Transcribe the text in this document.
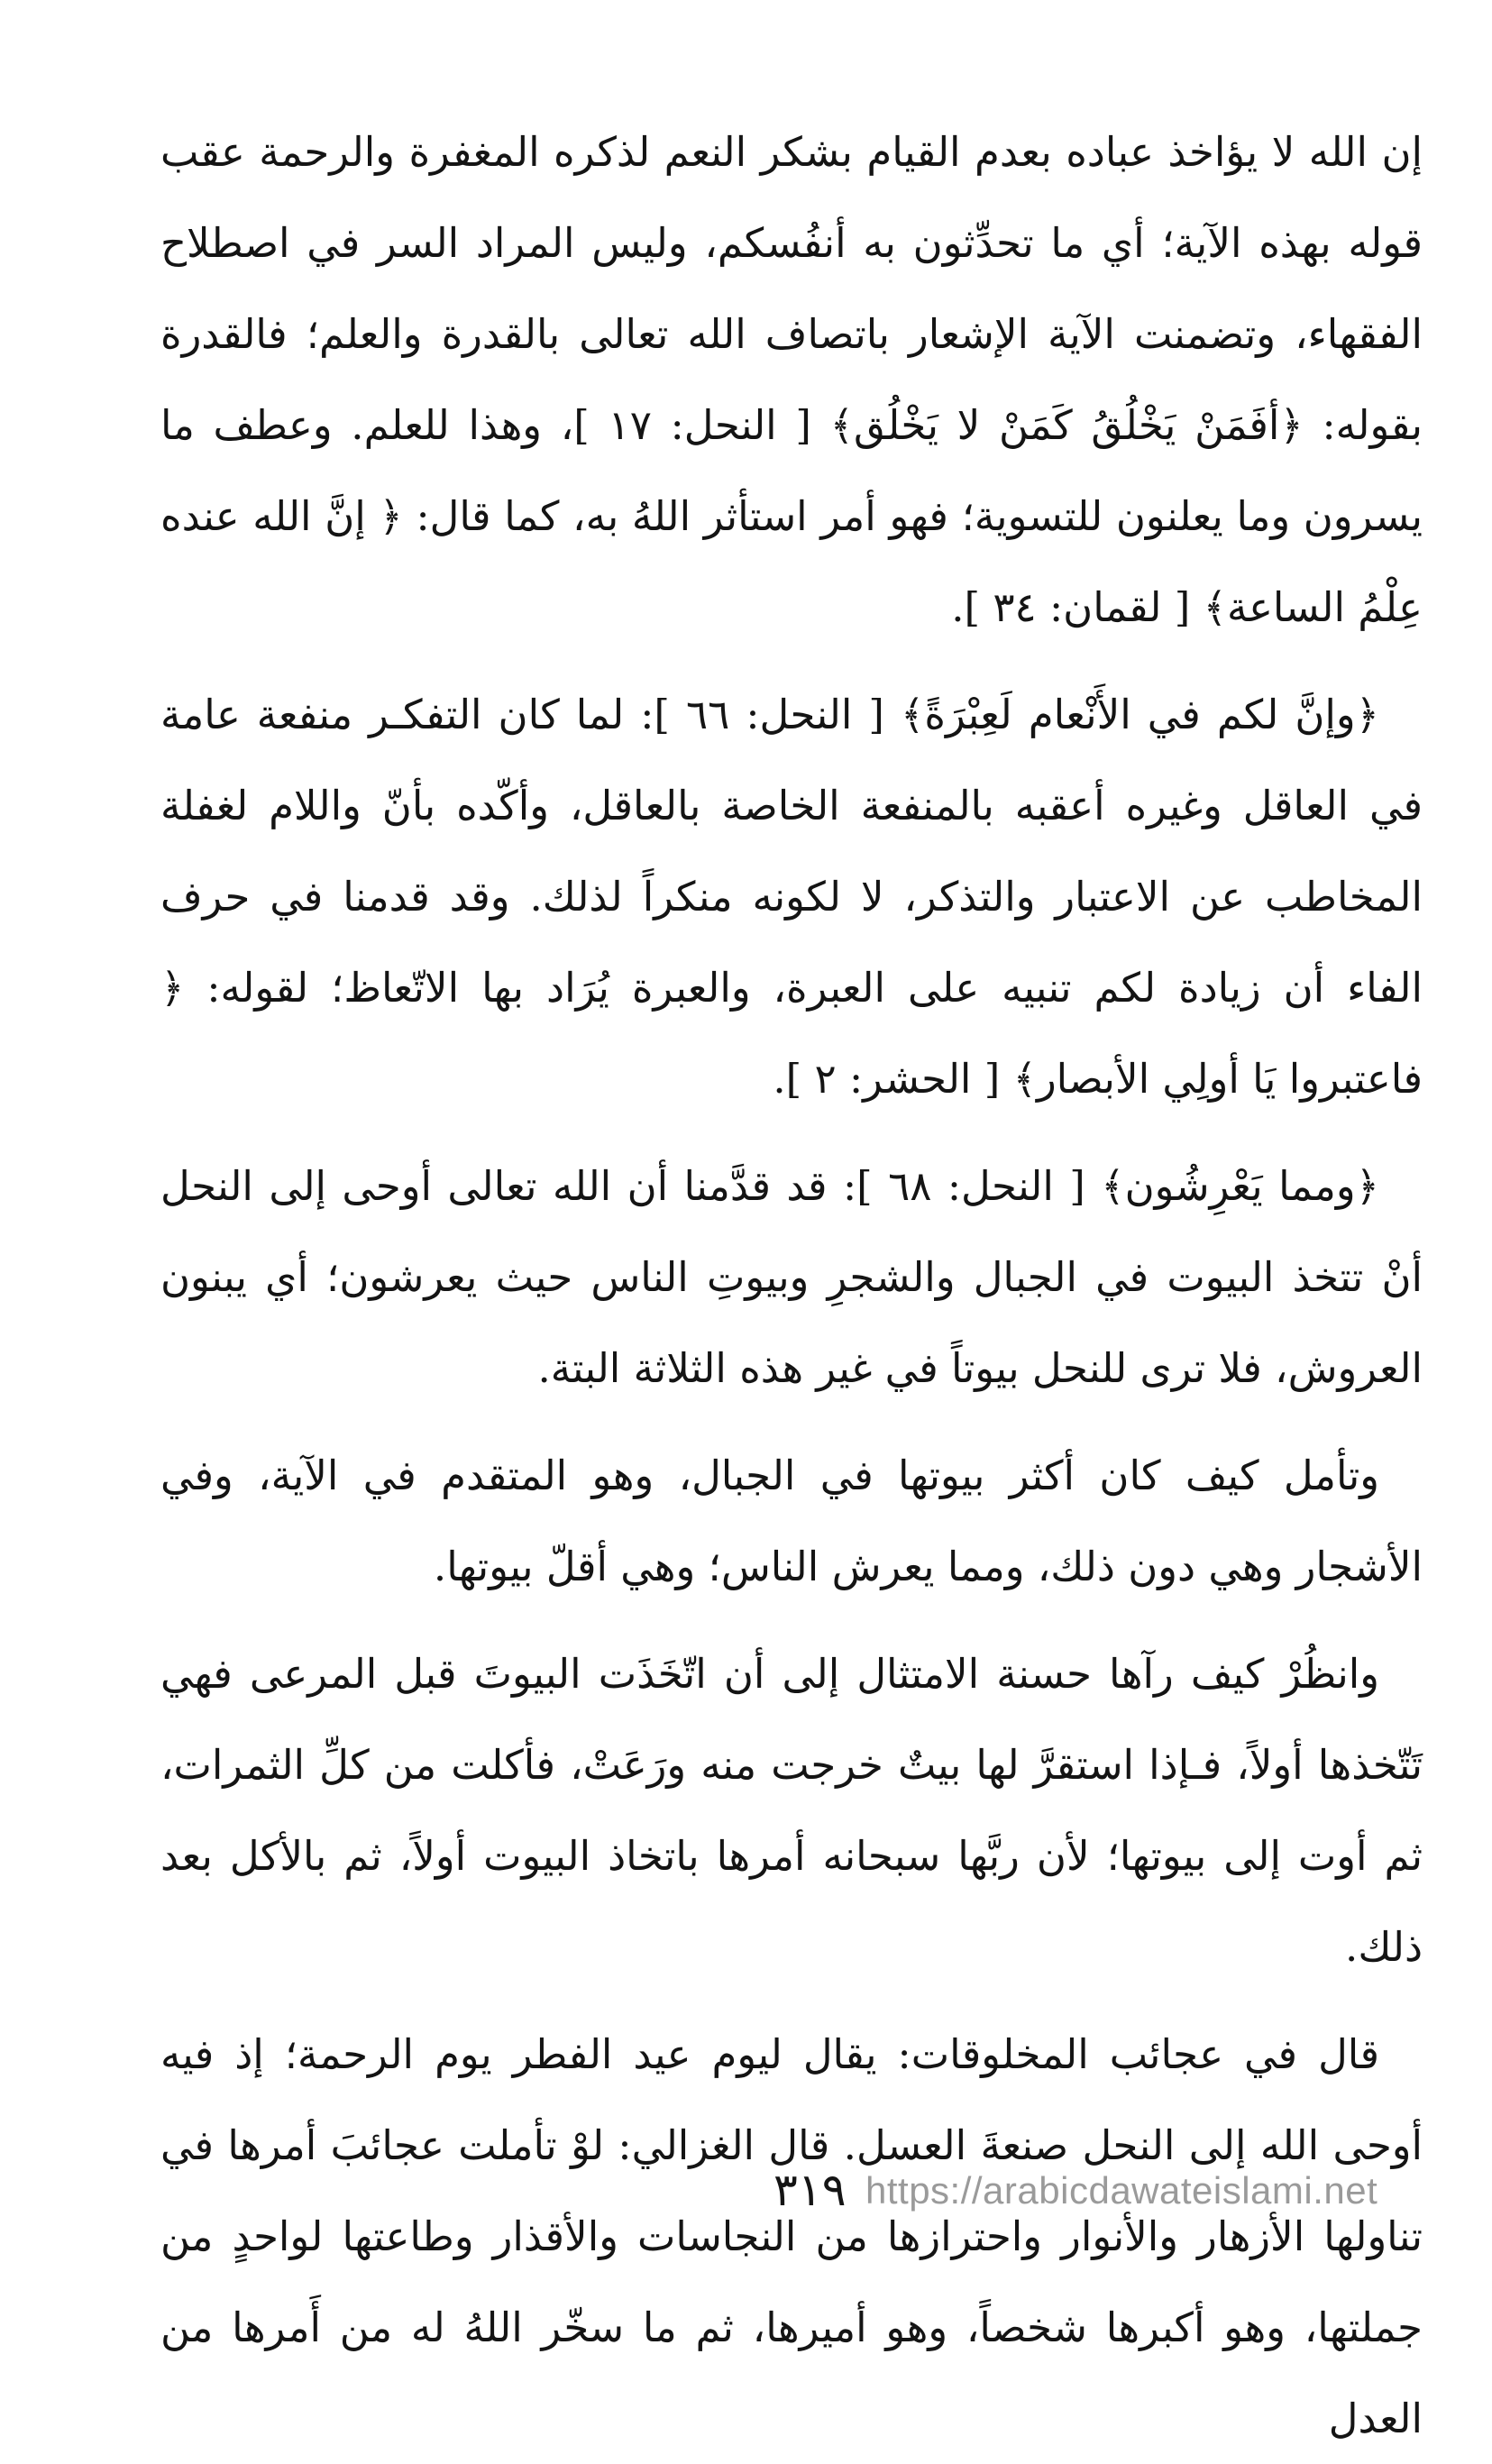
إن الله لا يؤاخذ عباده بعدم القيام بشكر النعم لذكره المغفرة والرحمة عقب قوله بهذه الآية؛ أي ما تحدِّثون به أنفُسكم، وليس المراد السر في اصطلاح الفقهاء، وتضمنت الآية الإشعار باتصاف الله تعالى بالقدرة والعلم؛ فالقدرة بقوله: ﴿أفَمَنْ يَخْلُقُ كَمَنْ لا يَخْلُق﴾ [ النحل: ١٧ ]، وهذا للعلم. وعطف ما يسرون وما يعلنون للتسوية؛ فهو أمر استأثر اللهُ به، كما قال: ﴿ إنَّ الله عنده عِلْمُ الساعة﴾ [ لقمان: ٣٤ ].

﴿وإنَّ لكم في الأَنْعام لَعِبْرَةً﴾ [ النحل: ٦٦ ]: لما كان التفكـر منفعة عامة في العاقل وغيره أعقبه بالمنفعة الخاصة بالعاقل، وأكّده بأنّ واللام لغفلة المخاطب عن الاعتبار والتذكر، لا لكونه منكراً لذلك. وقد قدمنا في حرف الفاء أن زيادة لكم تنبيه على العبرة، والعبرة يُرَاد بها الاتّعاظ؛ لقوله: ﴿ فاعتبروا يَا أولِي الأبصار﴾ [ الحشر: ٢ ].

﴿ومما يَعْرِشُون﴾ [ النحل: ٦٨ ]: قد قدَّمنا أن الله تعالى أوحى إلى النحل أنْ تتخذ البيوت في الجبال والشجرِ وبيوتِ الناس حيث يعرشون؛ أي يبنون العروش، فلا ترى للنحل بيوتاً في غير هذه الثلاثة البتة.

وتأمل كيف كان أكثر بيوتها في الجبال، وهو المتقدم في الآية، وفي الأشجار وهي دون ذلك، ومما يعرش الناس؛ وهي أقلّ بيوتها.

وانظُرْ كيف رآها حسنة الامتثال إلى أن اتّخَذَت البيوتَ قبل المرعى فهي تَتّخذها أولاً، فـإذا استقرَّ لها بيتٌ خرجت منه ورَعَتْ، فأكلت من كلِّ الثمرات، ثم أوت إلى بيوتها؛ لأن ربَّها سبحانه أمرها باتخاذ البيوت أولاً، ثم بالأكل بعد ذلك.

قال في عجائب المخلوقات: يقال ليوم عيد الفطر يوم الرحمة؛ إذ فيه أوحى الله إلى النحل صنعةَ العسل. قال الغزالي: لوْ تأملت عجائبَ أمرها في تناولها الأزهار والأنوار واحترازها من النجاسات والأقذار وطاعتها لواحدٍ من جملتها، وهو أكبرها شخصاً، وهو أميرها، ثم ما سخّر اللهُ له من أَمرها من العدل

٣١٩ https://arabicdawateislami.net
